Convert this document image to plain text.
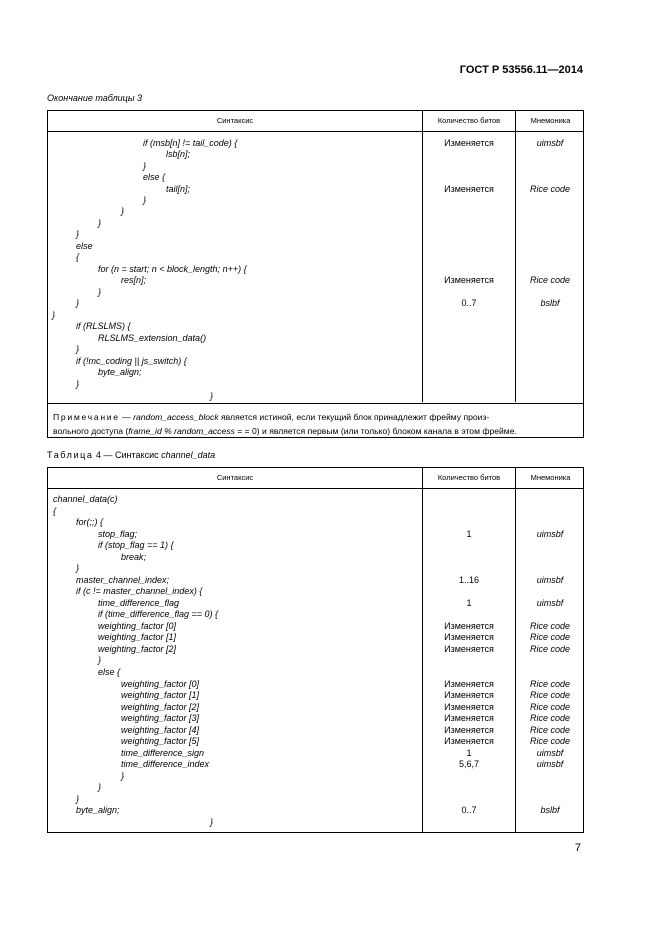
ГОСТ Р 53556.11—2014
Окончание таблицы 3
Синтаксис	Количество битов	Мнемоника
if (msb[n] != tail_code) {	Изменяется	uimsbf
lsb[n];
}
else {
tail[n];	Изменяется	Rice code
}
}
}
}
else
{
for (n = start; n < block_length; n++) {
res[n];	Изменяется	Rice code
}
}	0..7	bslbf
}
if (RLSLMS) {
RLSLMS_extension_data()
}
if (!mc_coding || js_switch) {
byte_align;
}
}
Примечание — random_access_block является истиной, если текущий блок принадлежит фрейму произ-
вольного доступа (frame_id % random_access = = 0) и является первым (или только) блоком канала в этом фрейме.
Таблица 4 — Синтаксис channel_data
Синтаксис	Количество битов	Мнемоника
channel_data(c)
{
for(;;) {
stop_flag;	1	uimsbf
if (stop_flag == 1) {
break;
}
master_channel_index;	1..16	uimsbf
if (c != master_channel_index) {
time_difference_flag	1	uimsbf
if (time_difference_flag == 0) {
weighting_factor [0]	Изменяется	Rice code
weighting_factor [1]	Изменяется	Rice code
weighting_factor [2]	Изменяется	Rice code
}
else {
weighting_factor [0]	Изменяется	Rice code
weighting_factor [1]	Изменяется	Rice code
weighting_factor [2]	Изменяется	Rice code
weighting_factor [3]	Изменяется	Rice code
weighting_factor [4]	Изменяется	Rice code
weighting_factor [5]	Изменяется	Rice code
time_difference_sign	1	uimsbf
time_difference_index	5,6,7	uimsbf
}
}
}
byte_align;	0..7	bslbf
}
7
